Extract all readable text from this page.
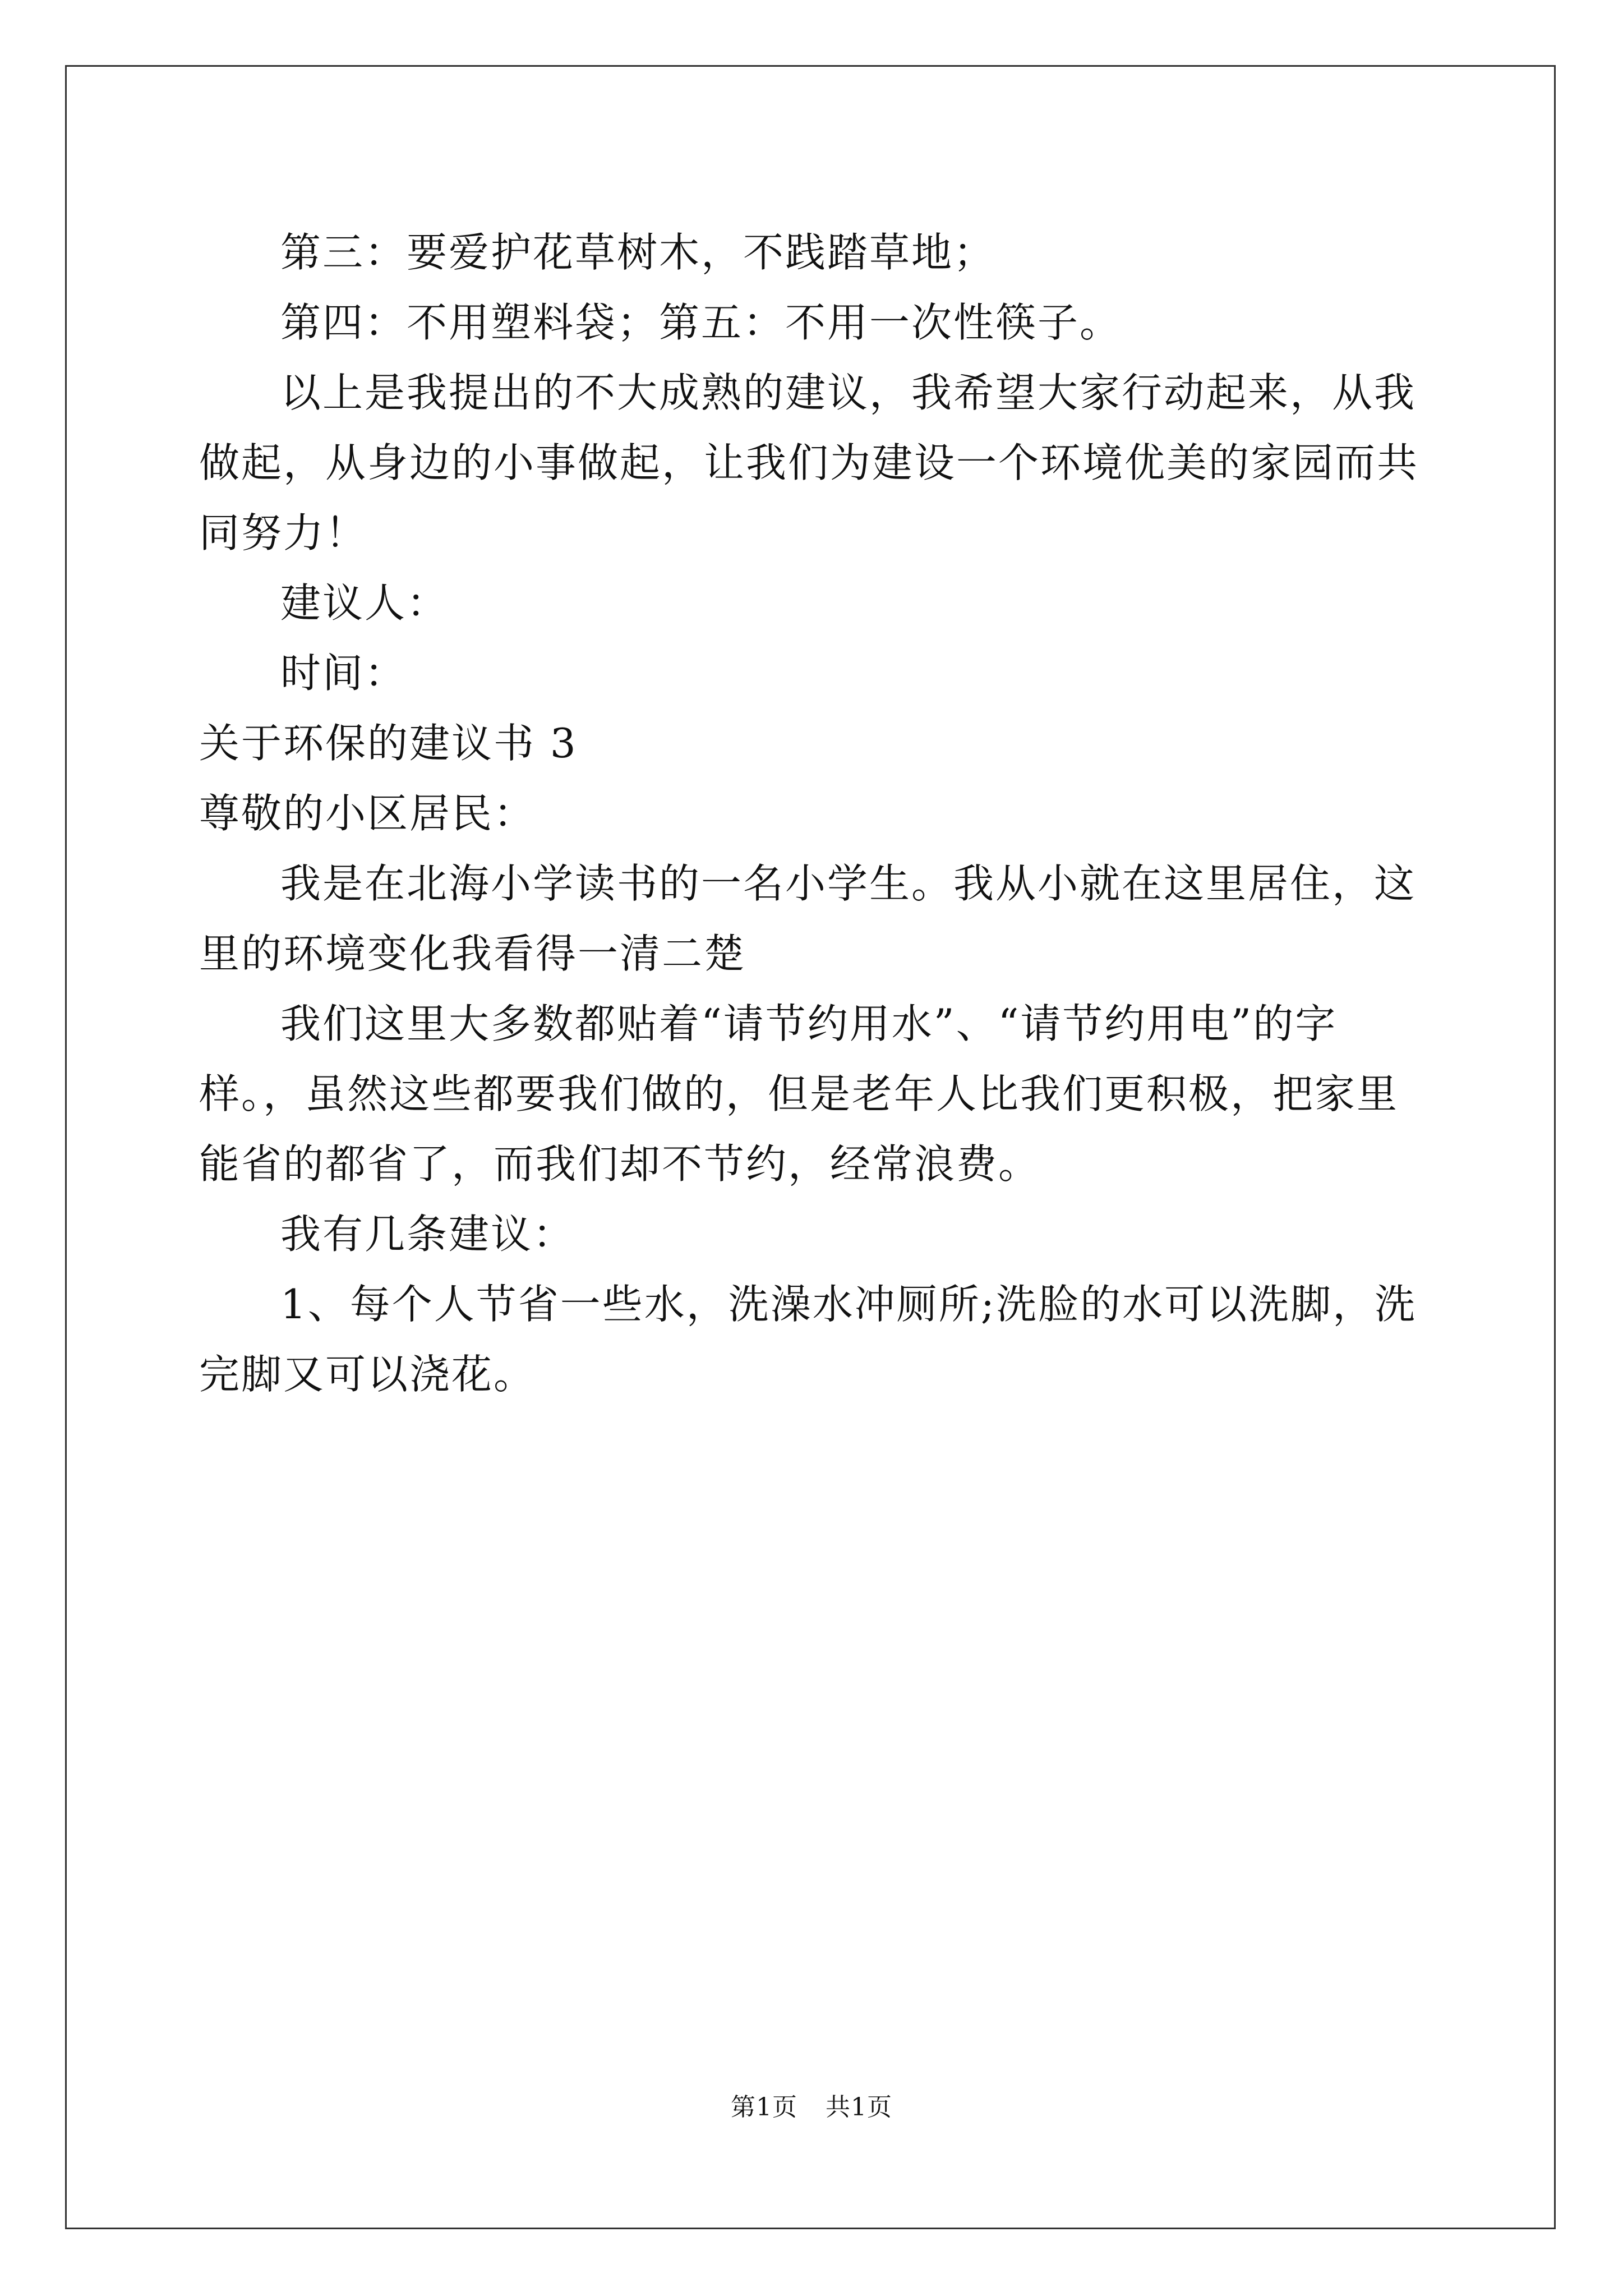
第三：要爱护花草树木，不践踏草地；

第四：不用塑料袋；第五：不用一次性筷子。

以上是我提出的不大成熟的建议，我希望大家行动起来，从我做起，从身边的小事做起，让我们为建设一个环境优美的家园而共同努力！

建议人：

时间：

关于环保的建议书 3

尊敬的小区居民：

我是在北海小学读书的一名小学生。我从小就在这里居住，这里的环境变化我看得一清二楚

我们这里大多数都贴着“请节约用水”、“请节约用电”的字样。，虽然这些都要我们做的，但是老年人比我们更积极，把家里能省的都省了，而我们却不节约，经常浪费。

我有几条建议：

1、每个人节省一些水，洗澡水冲厕所;洗脸的水可以洗脚，洗完脚又可以浇花。

第1页 共1页
